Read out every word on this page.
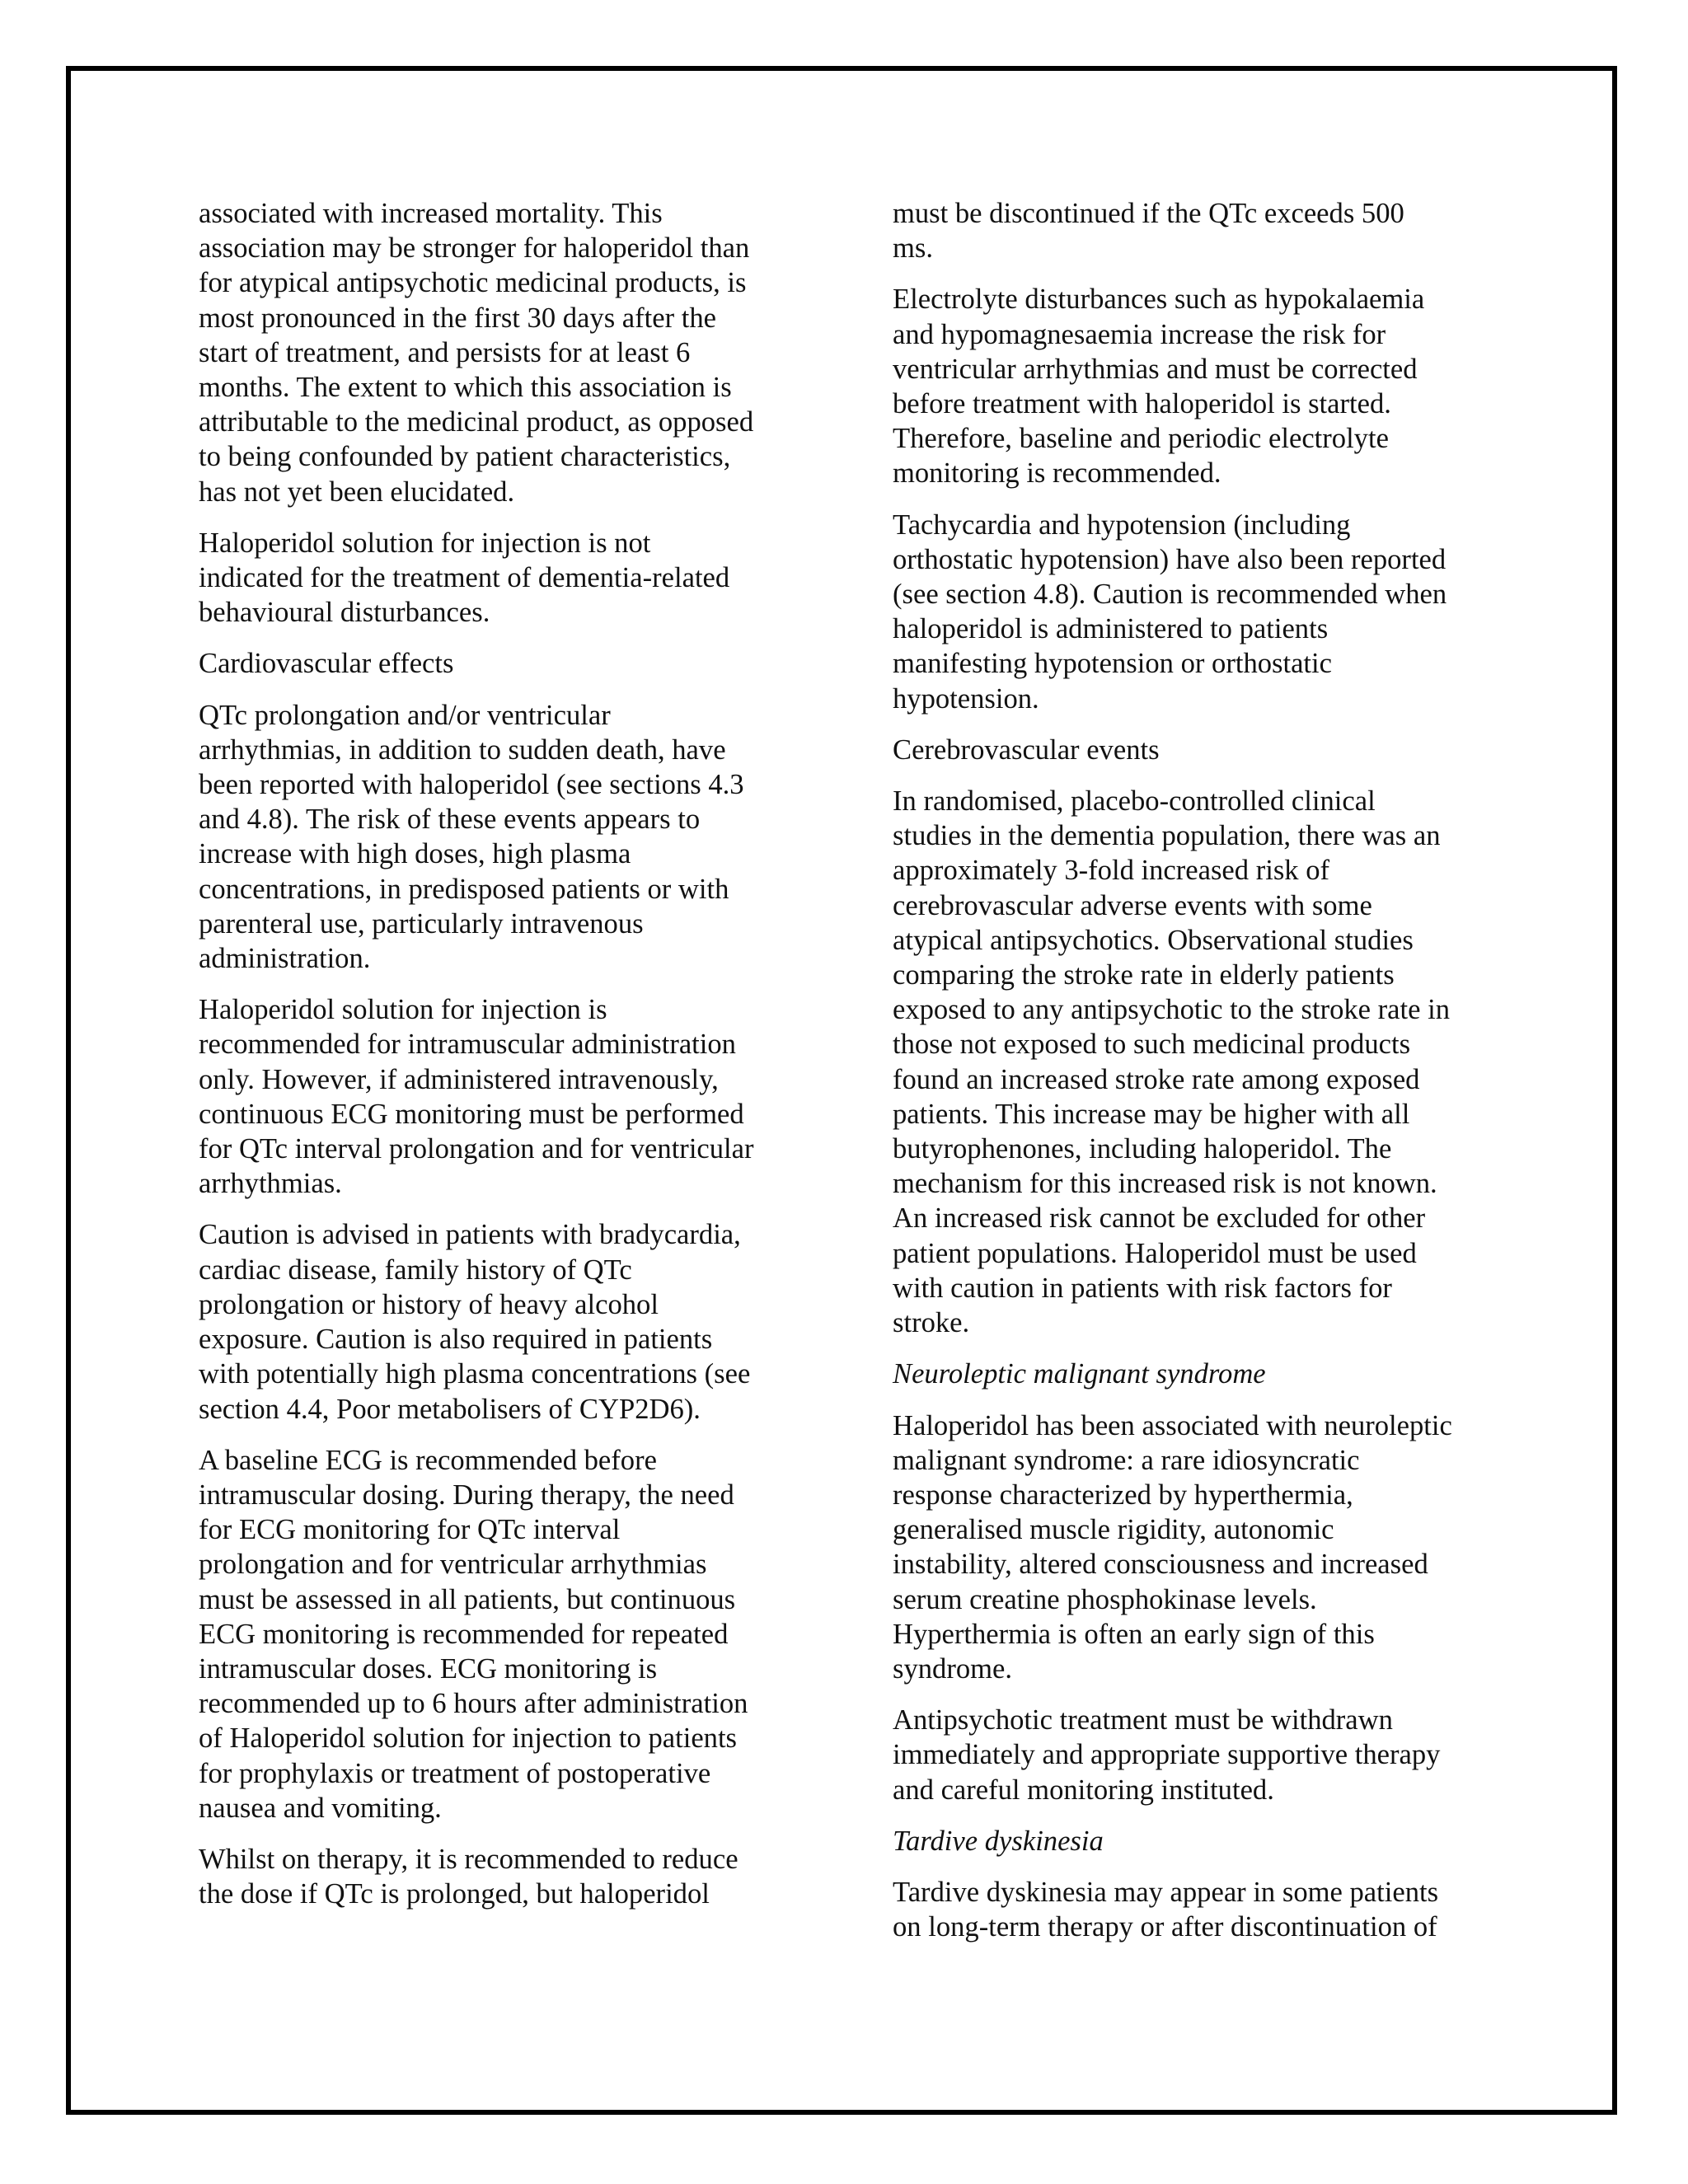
associated with increased mortality. This
association may be stronger for haloperidol than
for atypical antipsychotic medicinal products, is
most pronounced in the first 30 days after the
start of treatment, and persists for at least 6
months. The extent to which this association is
attributable to the medicinal product, as opposed
to being confounded by patient characteristics,
has not yet been elucidated.
Haloperidol solution for injection is not
indicated for the treatment of dementia-related
behavioural disturbances.
Cardiovascular effects
QTc prolongation and/or ventricular
arrhythmias, in addition to sudden death, have
been reported with haloperidol (see sections 4.3
and 4.8). The risk of these events appears to
increase with high doses, high plasma
concentrations, in predisposed patients or with
parenteral use, particularly intravenous
administration.
Haloperidol solution for injection is
recommended for intramuscular administration
only. However, if administered intravenously,
continuous ECG monitoring must be performed
for QTc interval prolongation and for ventricular
arrhythmias.
Caution is advised in patients with bradycardia,
cardiac disease, family history of QTc
prolongation or history of heavy alcohol
exposure. Caution is also required in patients
with potentially high plasma concentrations (see
section 4.4, Poor metabolisers of CYP2D6).
A baseline ECG is recommended before
intramuscular dosing. During therapy, the need
for ECG monitoring for QTc interval
prolongation and for ventricular arrhythmias
must be assessed in all patients, but continuous
ECG monitoring is recommended for repeated
intramuscular doses. ECG monitoring is
recommended up to 6 hours after administration
of Haloperidol solution for injection to patients
for prophylaxis or treatment of postoperative
nausea and vomiting.
Whilst on therapy, it is recommended to reduce
the dose if QTc is prolonged, but haloperidol
must be discontinued if the QTc exceeds 500
ms.
Electrolyte disturbances such as hypokalaemia
and hypomagnesaemia increase the risk for
ventricular arrhythmias and must be corrected
before treatment with haloperidol is started.
Therefore, baseline and periodic electrolyte
monitoring is recommended.
Tachycardia and hypotension (including
orthostatic hypotension) have also been reported
(see section 4.8). Caution is recommended when
haloperidol is administered to patients
manifesting hypotension or orthostatic
hypotension.
Cerebrovascular events
In randomised, placebo-controlled clinical
studies in the dementia population, there was an
approximately 3-fold increased risk of
cerebrovascular adverse events with some
atypical antipsychotics. Observational studies
comparing the stroke rate in elderly patients
exposed to any antipsychotic to the stroke rate in
those not exposed to such medicinal products
found an increased stroke rate among exposed
patients. This increase may be higher with all
butyrophenones, including haloperidol. The
mechanism for this increased risk is not known.
An increased risk cannot be excluded for other
patient populations. Haloperidol must be used
with caution in patients with risk factors for
stroke.
Neuroleptic malignant syndrome
Haloperidol has been associated with neuroleptic
malignant syndrome: a rare idiosyncratic
response characterized by hyperthermia,
generalised muscle rigidity, autonomic
instability, altered consciousness and increased
serum creatine phosphokinase levels.
Hyperthermia is often an early sign of this
syndrome.
Antipsychotic treatment must be withdrawn
immediately and appropriate supportive therapy
and careful monitoring instituted.
Tardive dyskinesia
Tardive dyskinesia may appear in some patients
on long-term therapy or after discontinuation of
